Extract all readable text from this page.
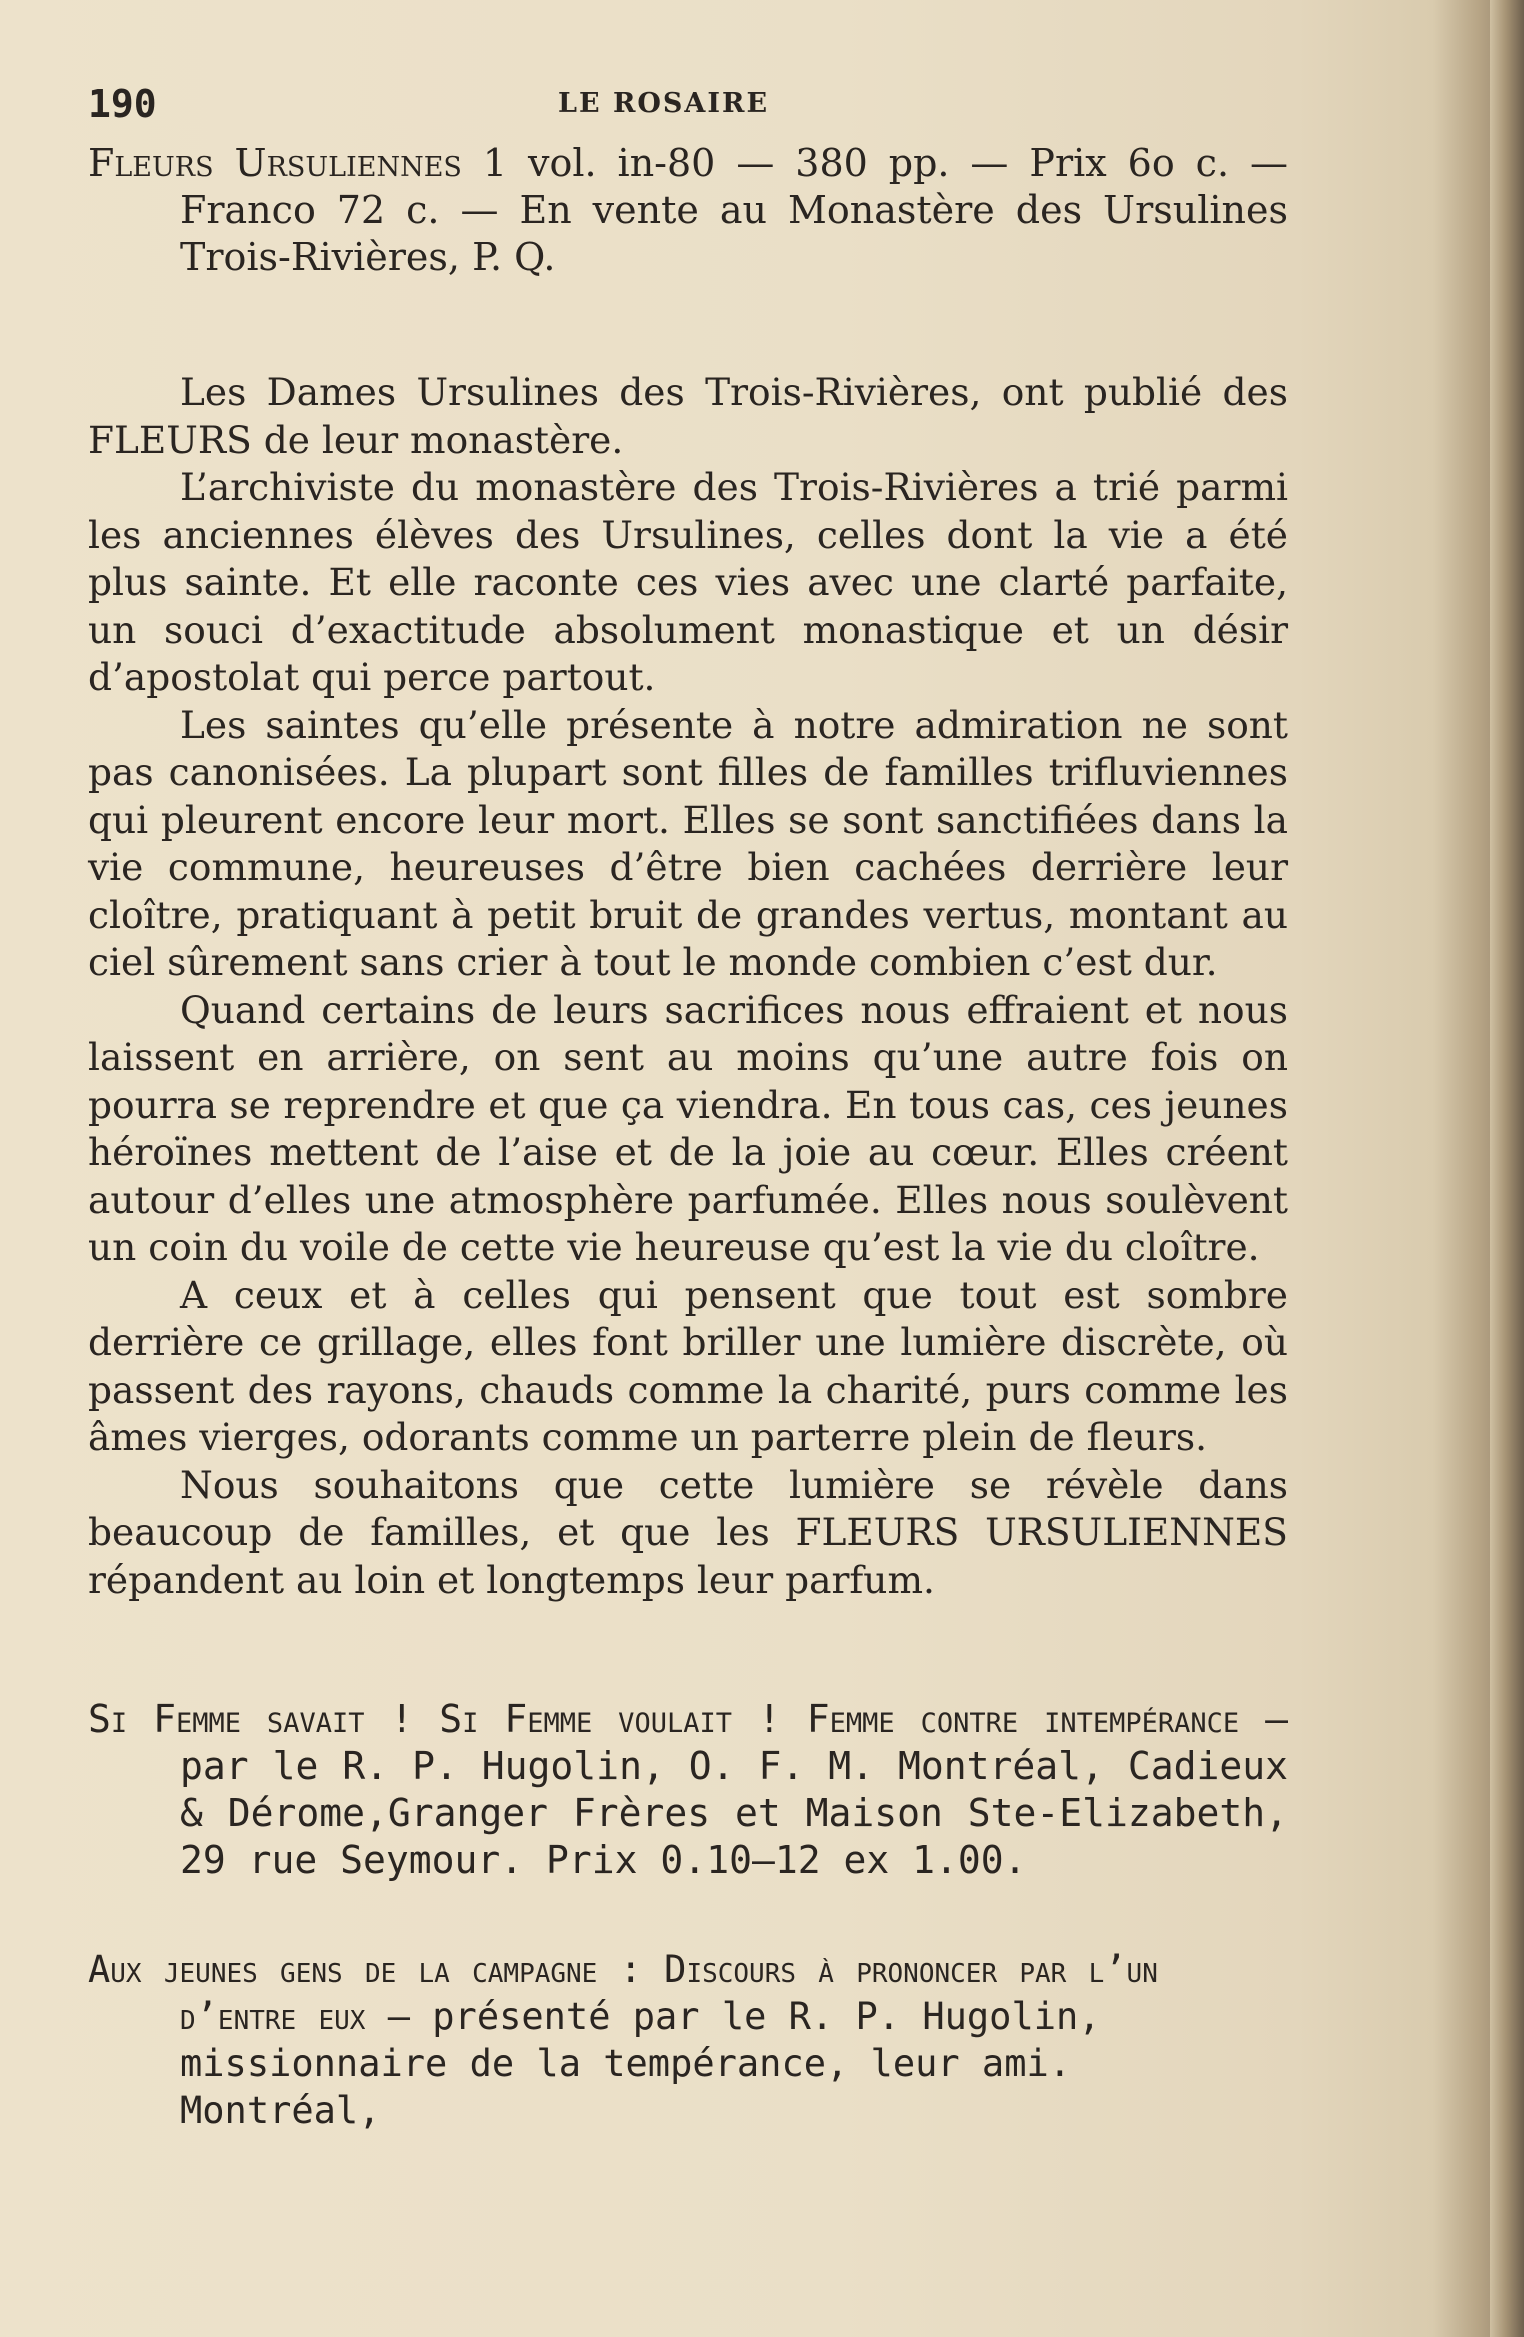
190	LE ROSAIRE
Fleurs Ursuliennes 1 vol. in-80 — 380 pp. — Prix 6o c. — Franco 72 c. — En vente au Monastère des Ursulines Trois-Rivières, P. Q.

Les Dames Ursulines des Trois-Rivières, ont publié des FLEURS de leur monastère.

L’archiviste du monastère des Trois-Rivières a trié parmi les anciennes élèves des Ursulines, celles dont la vie a été plus sainte. Et elle raconte ces vies avec une clarté parfaite, un souci d’exactitude absolument monastique et un désir d’apostolat qui perce partout.

Les saintes qu’elle présente à notre admiration ne sont pas canonisées. La plupart sont filles de familles trifluviennes qui pleurent encore leur mort. Elles se sont sanctifiées dans la vie commune, heureuses d’être bien cachées derrière leur cloître, pratiquant à petit bruit de grandes vertus, montant au ciel sûrement sans crier à tout le monde combien c’est dur.

Quand certains de leurs sacrifices nous effraient et nous laissent en arrière, on sent au moins qu’une autre fois on pourra se reprendre et que ça viendra. En tous cas, ces jeunes héroïnes mettent de l’aise et de la joie au cœur. Elles créent autour d’elles une atmosphère parfumée. Elles nous soulèvent un coin du voile de cette vie heureuse qu’est la vie du cloître.

A ceux et à celles qui pensent que tout est sombre derrière ce grillage, elles font briller une lumière discrète, où passent des rayons, chauds comme la charité, purs comme les âmes vierges, odorants comme un parterre plein de fleurs.

Nous souhaitons que cette lumière se révèle dans beaucoup de familles, et que les FLEURS URSULIENNES répandent au loin et longtemps leur parfum.

Si Femme savait ! Si Femme voulait ! Femme contre intempérance — par le R. P. Hugolin, O. F. M. Montréal, Cadieux & Dérome,Granger Frères et Maison Ste-Elizabeth, 29 rue Seymour. Prix 0.10—12 ex 1.00.
Aux jeunes gens de la campagne : Discours à prononcer par l’un d’entre eux — présenté par le R. P. Hugolin, missionnaire de la tempérance, leur ami. Montréal,
